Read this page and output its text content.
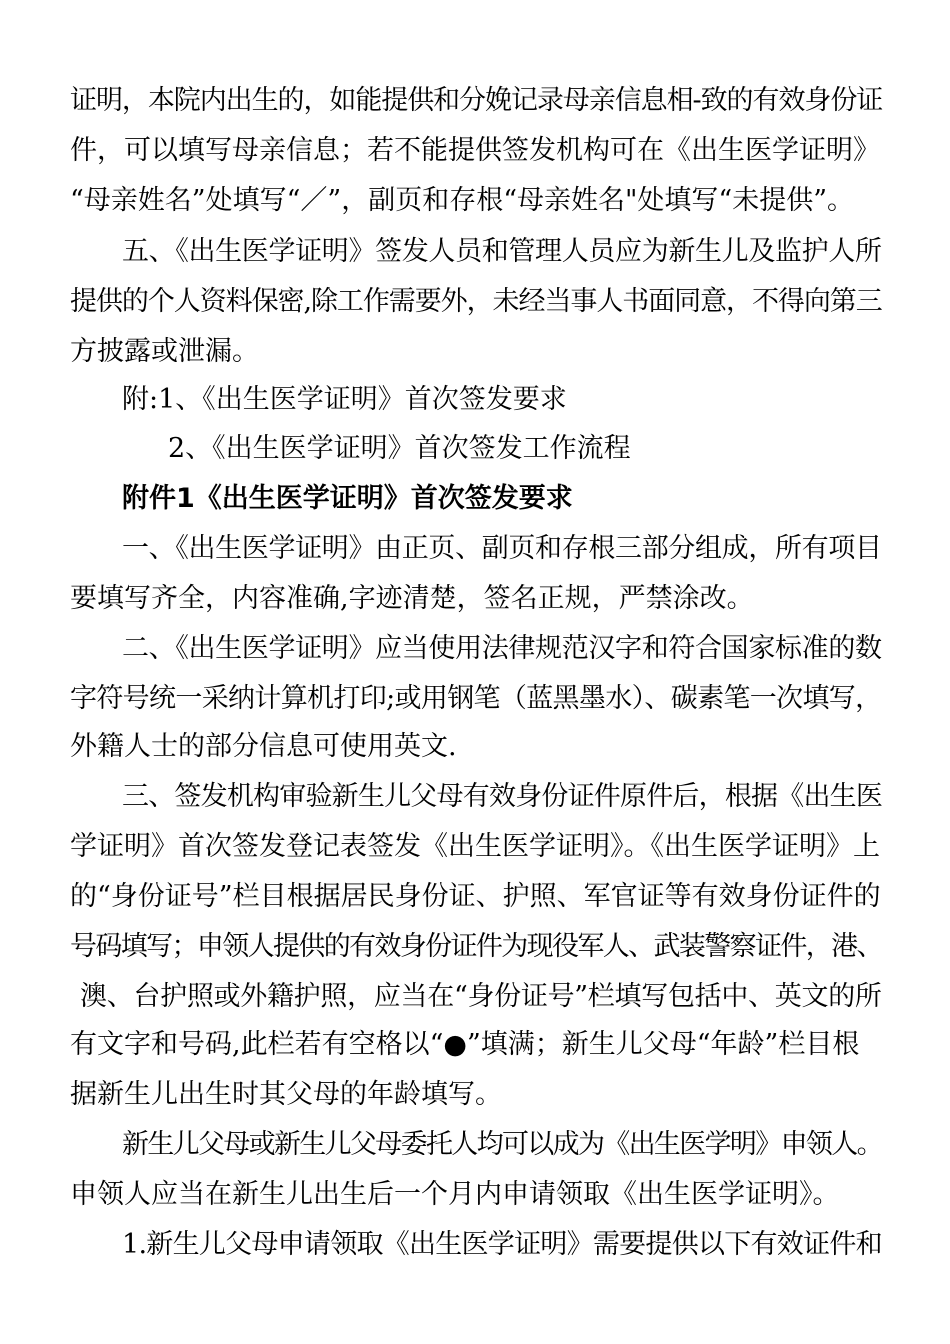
证明，本院内出生的，如能提供和分娩记录母亲信息相-致的有效身份证
件，可以填写母亲信息；若不能提供签发机构可在《出生医学证明》
“母亲姓名”处填写“／”，副页和存根“母亲姓名"处填写“未提供”。
五、《出生医学证明》签发人员和管理人员应为新生儿及监护人所
提供的个人资料保密,除工作需要外，未经当事人书面同意，不得向第三
方披露或泄漏。
附:1、《出生医学证明》首次签发要求
2、《出生医学证明》首次签发工作流程
附件1《出生医学证明》首次签发要求
一、《出生医学证明》由正页、副页和存根三部分组成，所有项目
要填写齐全，内容准确,字迹清楚，签名正规，严禁涂改。
二、《出生医学证明》应当使用法律规范汉字和符合国家标准的数
字符号统一采纳计算机打印;或用钢笔（蓝黑墨水）、碳素笔一次填写，
外籍人士的部分信息可使用英文.
三、签发机构审验新生儿父母有效身份证件原件后，根据《出生医
学证明》首次签发登记表签发《出生医学证明》。《出生医学证明》上
的“身份证号”栏目根据居民身份证、护照、军官证等有效身份证件的
号码填写；申领人提供的有效身份证件为现役军人、武装警察证件，港、
澳、台护照或外籍护照，应当在“身份证号”栏填写包括中、英文的所
有文字和号码,此栏若有空格以“●”填满；新生儿父母“年龄”栏目根
据新生儿出生时其父母的年龄填写。
新生儿父母或新生儿父母委托人均可以成为《出生医学明》申领人。
申领人应当在新生儿出生后一个月内申请领取《出生医学证明》。
1.新生儿父母申请领取《出生医学证明》需要提供以下有效证件和
